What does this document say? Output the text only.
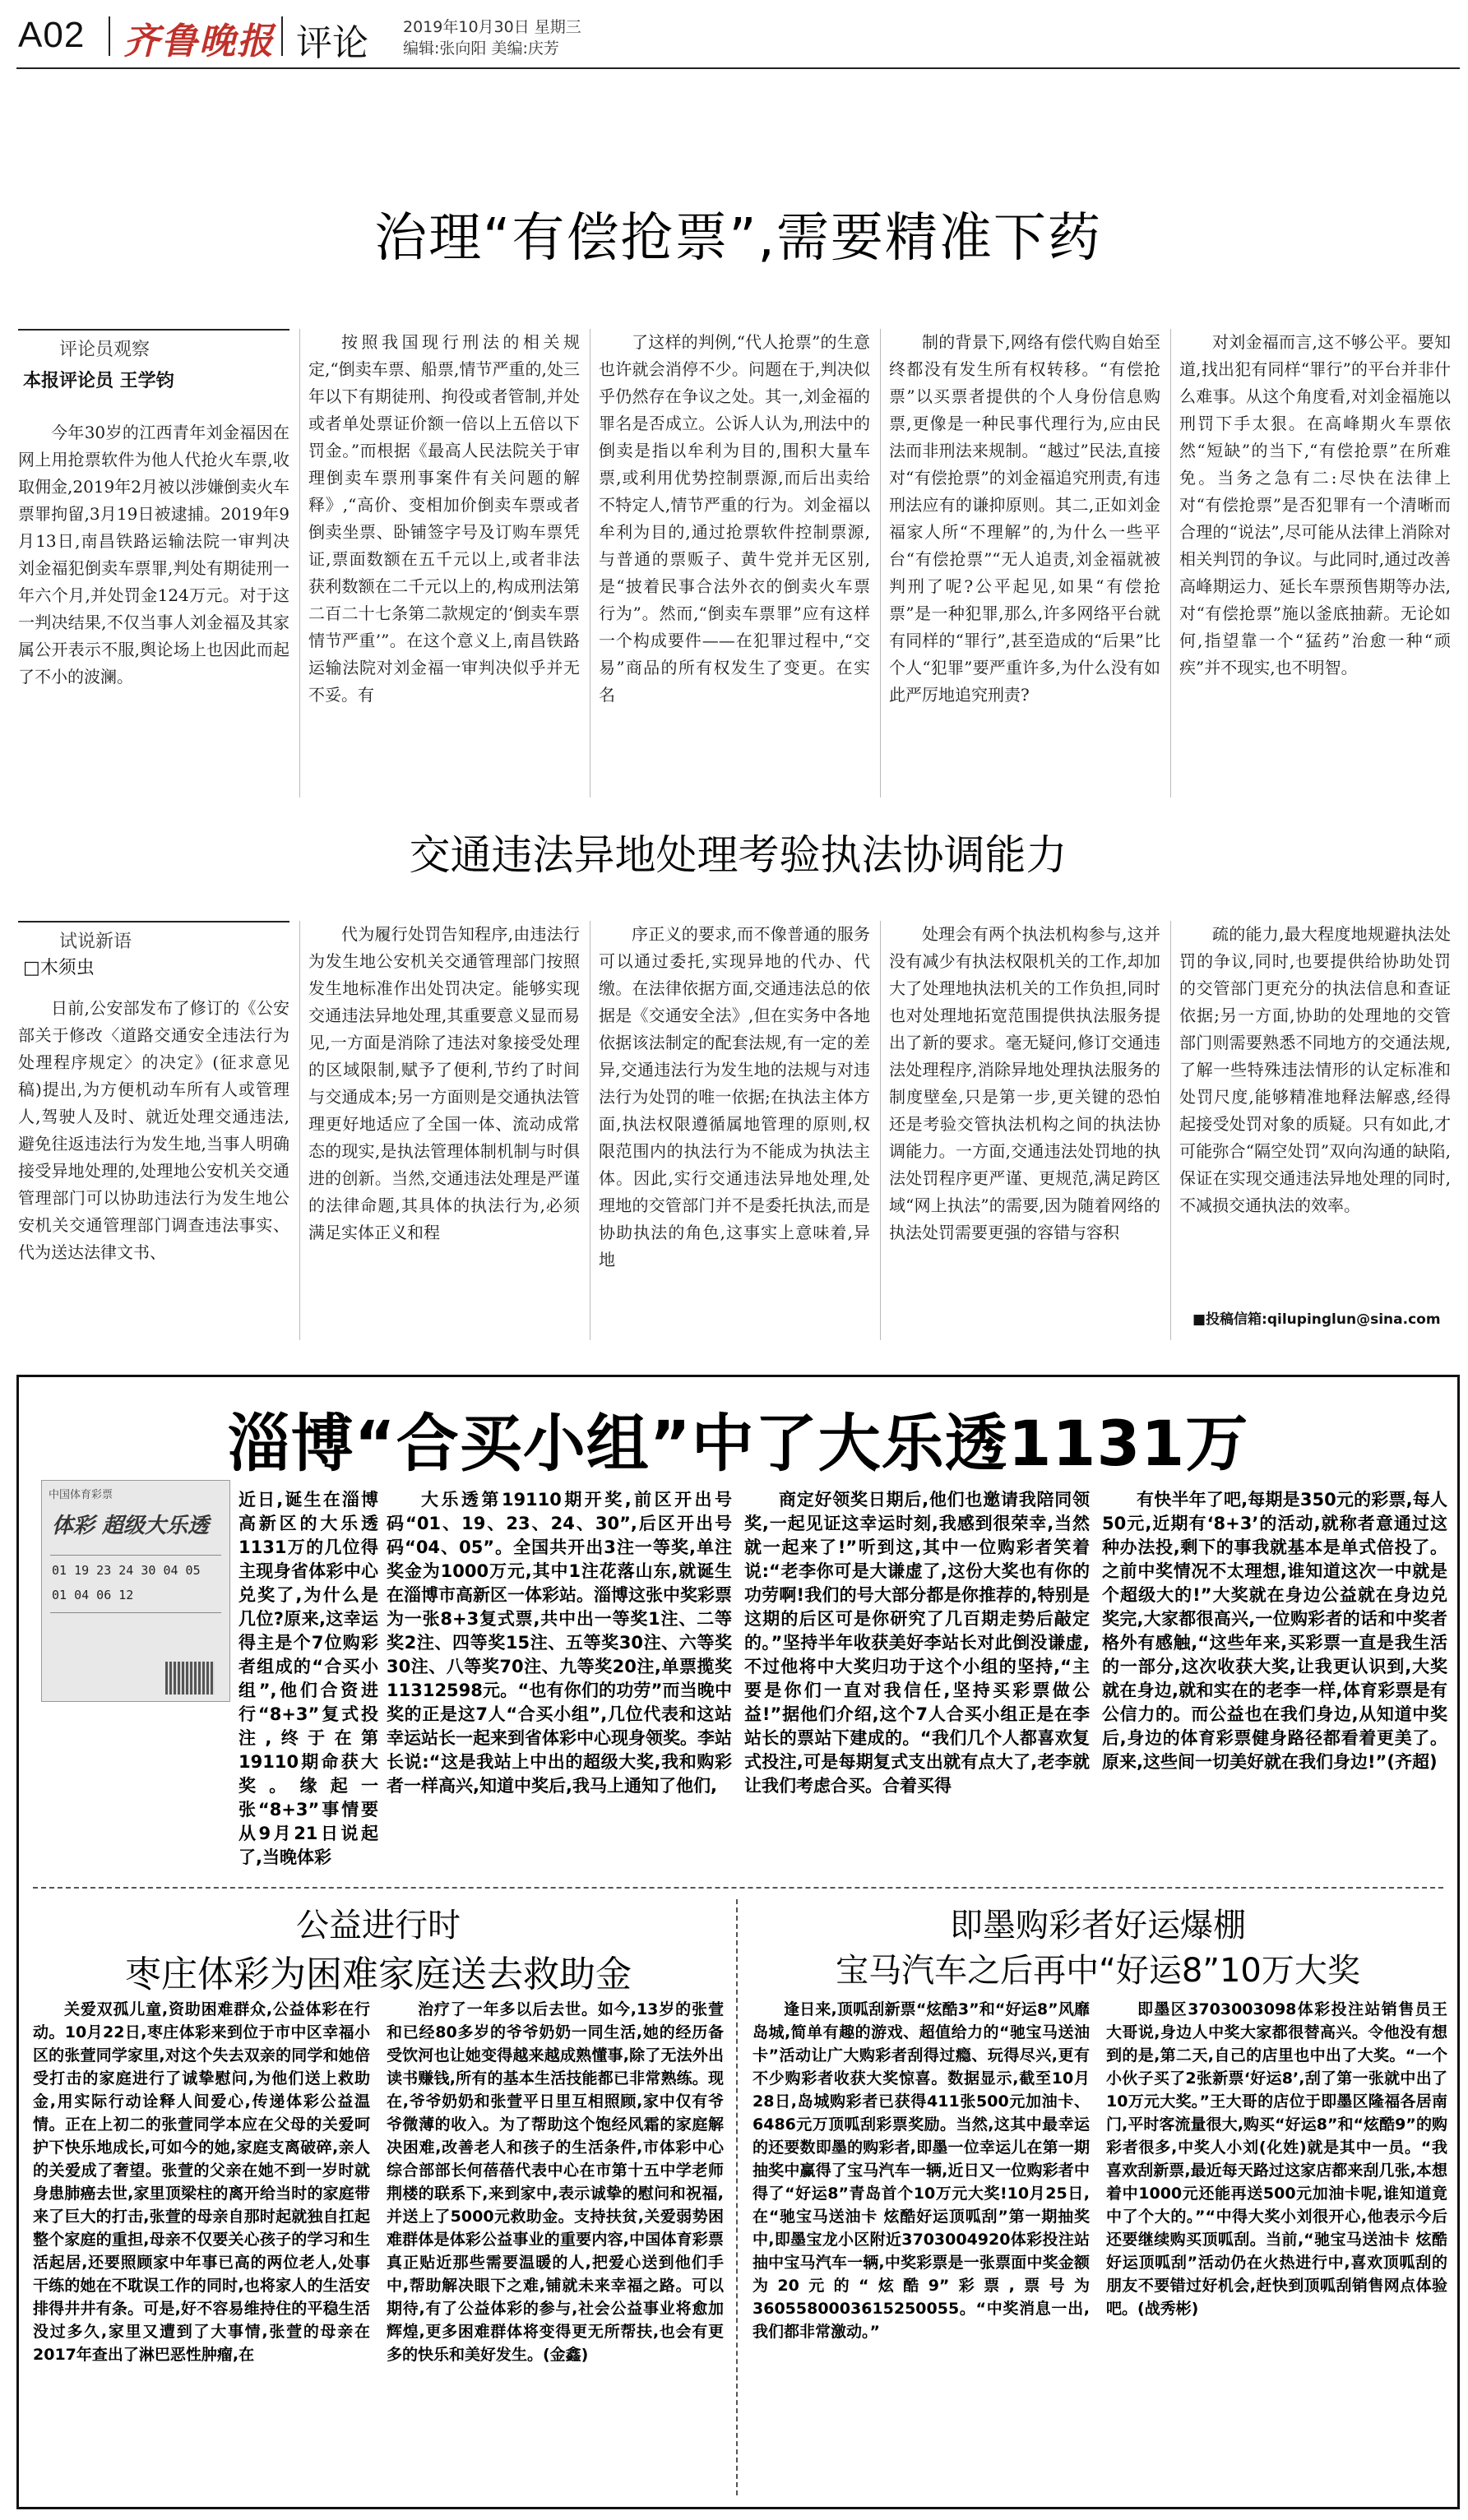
A02 齐鲁晚报 评论 2019年10月30日 星期三
编辑:张向阳 美编:庆芳
治理“有偿抢票”,需要精准下药
评论员观察
本报评论员 王学钧
今年30岁的江西青年刘金福因在网上用抢票软件为他人代抢火车票,收取佣金,2019年2月被以涉嫌倒卖火车票罪拘留,3月19日被逮捕。2019年9月13日,南昌铁路运输法院一审判决刘金福犯倒卖车票罪,判处有期徒刑一年六个月,并处罚金124万元。对于这一判决结果,不仅当事人刘金福及其家属公开表示不服,舆论场上也因此而起了不小的波澜。
按照我国现行刑法的相关规定,“倒卖车票、船票,情节严重的,处三年以下有期徒刑、拘役或者管制,并处或者单处票证价额一倍以上五倍以下罚金。”而根据《最高人民法院关于审理倒卖车票刑事案件有关问题的解释》,“高价、变相加价倒卖车票或者倒卖坐票、卧铺签字号及订购车票凭证,票面数额在五千元以上,或者非法获利数额在二千元以上的,构成刑法第二百二十七条第二款规定的‘倒卖车票情节严重’”。在这个意义上,南昌铁路运输法院对刘金福一审判决似乎并无不妥。有
了这样的判例,“代人抢票”的生意也许就会消停不少。问题在于,判决似乎仍然存在争议之处。其一,刘金福的罪名是否成立。公诉人认为,刑法中的倒卖是指以牟利为目的,围积大量车票,或利用优势控制票源,而后出卖给不特定人,情节严重的行为。刘金福以牟利为目的,通过抢票软件控制票源,与普通的票贩子、黄牛党并无区别,是“披着民事合法外衣的倒卖火车票行为”。然而,“倒卖车票罪”应有这样一个构成要件——在犯罪过程中,“交易”商品的所有权发生了变更。在实名
制的背景下,网络有偿代购自始至终都没有发生所有权转移。“有偿抢票”以买票者提供的个人身份信息购票,更像是一种民事代理行为,应由民法而非刑法来规制。“越过”民法,直接对“有偿抢票”的刘金福追究刑责,有违刑法应有的谦抑原则。其二,正如刘金福家人所“不理解”的,为什么一些平台“有偿抢票”“无人追责,刘金福就被判刑了呢?公平起见,如果“有偿抢票”是一种犯罪,那么,许多网络平台就有同样的“罪行”,甚至造成的“后果”比个人“犯罪”要严重许多,为什么没有如此严厉地追究刑责?
对刘金福而言,这不够公平。要知道,找出犯有同样“罪行”的平台并非什么难事。从这个角度看,对刘金福施以刑罚下手太狠。在高峰期火车票依然“短缺”的当下,“有偿抢票”在所难免。当务之急有二:尽快在法律上对“有偿抢票”是否犯罪有一个清晰而合理的“说法”,尽可能从法律上消除对相关判罚的争议。与此同时,通过改善高峰期运力、延长车票预售期等办法,对“有偿抢票”施以釜底抽薪。无论如何,指望靠一个“猛药”治愈一种“顽疾”并不现实,也不明智。
交通违法异地处理考验执法协调能力
试说新语
□木须虫
日前,公安部发布了修订的《公安部关于修改〈道路交通安全违法行为处理程序规定〉的决定》(征求意见稿)提出,为方便机动车所有人或管理人,驾驶人及时、就近处理交通违法,避免往返违法行为发生地,当事人明确接受异地处理的,处理地公安机关交通管理部门可以协助违法行为发生地公安机关交通管理部门调查违法事实、代为送达法律文书、
代为履行处罚告知程序,由违法行为发生地公安机关交通管理部门按照发生地标准作出处罚决定。能够实现交通违法异地处理,其重要意义显而易见,一方面是消除了违法对象接受处理的区域限制,赋予了便利,节约了时间与交通成本;另一方面则是交通执法管理更好地适应了全国一体、流动成常态的现实,是执法管理体制机制与时俱进的创新。当然,交通违法处理是严谨的法律命题,其具体的执法行为,必须满足实体正义和程
序正义的要求,而不像普通的服务可以通过委托,实现异地的代办、代缴。在法律依据方面,交通违法总的依据是《交通安全法》,但在实务中各地依据该法制定的配套法规,有一定的差异,交通违法行为发生地的法规与对违法行为处罚的唯一依据;在执法主体方面,执法权限遵循属地管理的原则,权限范围内的执法行为不能成为执法主体。因此,实行交通违法异地处理,处理地的交管部门并不是委托执法,而是协助执法的角色,这事实上意味着,异地
处理会有两个执法机构参与,这并没有减少有执法权限机关的工作,却加大了处理地执法机关的工作负担,同时也对处理地拓宽范围提供执法服务提出了新的要求。毫无疑问,修订交通违法处理程序,消除异地处理执法服务的制度壁垒,只是第一步,更关键的恐怕还是考验交管执法机构之间的执法协调能力。一方面,交通违法处罚地的执法处罚程序更严谨、更规范,满足跨区域“网上执法”的需要,因为随着网络的执法处罚需要更强的容错与容积
疏的能力,最大程度地规避执法处罚的争议,同时,也要提供给协助处罚的交管部门更充分的执法信息和查证依据;另一方面,协助的处理地的交管部门则需要熟悉不同地方的交通法规,了解一些特殊违法情形的认定标准和处罚尺度,能够精准地释法解惑,经得起接受处罚对象的质疑。只有如此,才可能弥合“隔空处罚”双向沟通的缺陷,保证在实现交通违法异地处理的同时,不减损交通执法的效率。
■投稿信箱:qilupinglun@sina.com
淄博“合买小组”中了大乐透1131万
中国体育彩票
体彩 超级大乐透
01 19 23 24 30 04 05
01 04 06 12
近日,诞生在淄博高新区的大乐透1131万的几位得主现身省体彩中心兑奖了,为什么是几位?原来,这幸运得主是个7位购彩者组成的“合买小组”,他们合资进行“8+3”复式投注,终于在第19110期命获大奖。缘起一张“8+3”事情要从9月21日说起了,当晚体彩
大乐透第19110期开奖,前区开出号码“01、19、23、24、30”,后区开出号码“04、05”。全国共开出3注一等奖,单注奖金为1000万元,其中1注花落山东,就诞生在淄博市高新区一体彩站。淄博这张中奖彩票为一张8+3复式票,共中出一等奖1注、二等奖2注、四等奖15注、五等奖30注、六等奖30注、八等奖70注、九等奖20注,单票揽奖11312598元。“也有你们的功劳”而当晚中奖的正是这7人“合买小组”,几位代表和这站幸运站长一起来到省体彩中心现身领奖。李站长说:“这是我站上中出的超级大奖,我和购彩者一样高兴,知道中奖后,我马上通知了他们,
商定好领奖日期后,他们也邀请我陪同领奖,一起见证这幸运时刻,我感到很荣幸,当然就一起来了!”听到这,其中一位购彩者笑着说:“老李你可是大谦虚了,这份大奖也有你的功劳啊!我们的号大部分都是你推荐的,特别是这期的后区可是你研究了几百期走势后敲定的。”坚持半年收获美好李站长对此倒没谦虚,不过他将中大奖归功于这个小组的坚持,“主要是你们一直对我信任,坚持买彩票做公益!”据他们介绍,这个7人合买小组正是在李站长的票站下建成的。“我们几个人都喜欢复式投注,可是每期复式支出就有点大了,老李就让我们考虑合买。合着买得
有快半年了吧,每期是350元的彩票,每人50元,近期有‘8+3’的活动,就称者意通过这种办法投,剩下的事我就基本是单式倍投了。之前中奖情况不太理想,谁知道这次一中就是个超级大的!”大奖就在身边公益就在身边兑奖完,大家都很高兴,一位购彩者的话和中奖者格外有感触,“这些年来,买彩票一直是我生活的一部分,这次收获大奖,让我更认识到,大奖就在身边,就和实在的老李一样,体育彩票是有公信力的。而公益也在我们身边,从知道中奖后,身边的体育彩票健身路径都看着更美了。原来,这些间一切美好就在我们身边!”(齐超)
公益进行时
枣庄体彩为困难家庭送去救助金
关爱双孤儿童,资助困难群众,公益体彩在行动。10月22日,枣庄体彩来到位于市中区幸福小区的张萱同学家里,对这个失去双亲的同学和她倍受打击的家庭进行了诚挚慰问,为他们送上救助金,用实际行动诠释人间爱心,传递体彩公益温情。正在上初二的张萱同学本应在父母的关爱呵护下快乐地成长,可如今的她,家庭支离破碎,亲人的关爱成了奢望。张萱的父亲在她不到一岁时就身患肺癌去世,家里顶梁柱的离开给当时的家庭带来了巨大的打击,张萱的母亲自那时起就独自扛起整个家庭的重担,母亲不仅要关心孩子的学习和生活起居,还要照顾家中年事已高的两位老人,处事干练的她在不耽误工作的同时,也将家人的生活安排得井井有条。可是,好不容易维持住的平稳生活没过多久,家里又遭到了大事情,张萱的母亲在2017年查出了淋巴恶性肿瘤,在
治疗了一年多以后去世。如今,13岁的张萱和已经80多岁的爷爷奶奶一同生活,她的经历备受饮河也让她变得越来越成熟懂事,除了无法外出读书赚钱,所有的基本生活技能都已非常熟练。现在,爷爷奶奶和张萱平日里互相照顾,家中仅有爷爷微薄的收入。为了帮助这个饱经风霜的家庭解决困难,改善老人和孩子的生活条件,市体彩中心综合部部长何蓓蓓代表中心在市第十五中学老师荆楼的联系下,来到家中,表示诚挚的慰问和祝福,并送上了5000元救助金。支持扶贫,关爱弱势困难群体是体彩公益事业的重要内容,中国体育彩票真正贴近那些需要温暖的人,把爱心送到他们手中,帮助解决眼下之难,铺就未来幸福之路。可以期待,有了公益体彩的参与,社会公益事业将愈加辉煌,更多困难群体将变得更无所帮扶,也会有更多的快乐和美好发生。(金鑫)
即墨购彩者好运爆棚
宝马汽车之后再中“好运8”10万大奖
逢日来,顶呱刮新票“炫酷3”和“好运8”风靡岛城,简单有趣的游戏、超值给力的“驰宝马送油卡”活动让广大购彩者刮得过瘾、玩得尽兴,更有不少购彩者收获大奖惊喜。数据显示,截至10月28日,岛城购彩者已获得411张500元加油卡、6486元万顶呱刮彩票奖励。当然,这其中最幸运的还要数即墨的购彩者,即墨一位幸运儿在第一期抽奖中赢得了宝马汽车一辆,近日又一位购彩者中得了“好运8”青岛首个10万元大奖!10月25日,在“驰宝马送油卡 炫酷好运顶呱刮”第一期抽奖中,即墨宝龙小区附近3703004920体彩投注站抽中宝马汽车一辆,中奖彩票是一张票面中奖金额为20元的“炫酷9”彩票,票号为3605580003615250055。“中奖消息一出,我们都非常激动。”
即墨区3703003098体彩投注站销售员王大哥说,身边人中奖大家都很替高兴。令他没有想到的是,第二天,自己的店里也中出了大奖。“一个小伙子买了2张新票‘好运8’,刮了第一张就中出了10万元大奖。”王大哥的店位于即墨区隆福各居南门,平时客流量很大,购买“好运8”和“炫酷9”的购彩者很多,中奖人小刘(化姓)就是其中一员。“我喜欢刮新票,最近每天路过这家店都来刮几张,本想着中1000元还能再送500元加油卡呢,谁知道竟中了个大的。”“中得大奖小刘很开心,他表示今后还要继续购买顶呱刮。当前,“驰宝马送油卡 炫酷好运顶呱刮”活动仍在火热进行中,喜欢顶呱刮的朋友不要错过好机会,赶快到顶呱刮销售网点体验吧。(战秀彬)
